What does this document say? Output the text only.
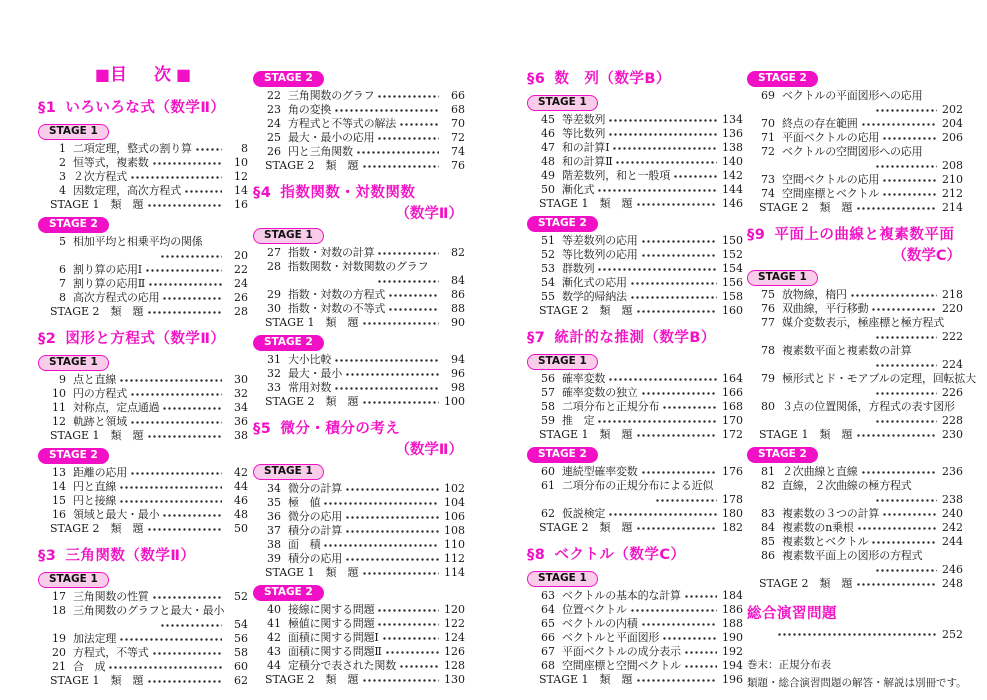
■目　次■
§1 いろいろな式（数学Ⅱ）
STAGE 1
1 二項定理，整式の割り算	8
2 恒等式，複素数	10
3 ２次方程式	12
4 因数定理，高次方程式	14
STAGE 1　類　題	16
STAGE 2
5 相加平均と相乗平均の関係
20
6 割り算の応用Ⅰ	22
7 割り算の応用Ⅱ	24
8 高次方程式の応用	26
STAGE 2　類　題	28
§2 図形と方程式（数学Ⅱ）
STAGE 1
9 点と直線	30
10 円の方程式	32
11 対称点，定点通過	34
12 軌跡と領域	36
STAGE 1　類　題	38
STAGE 2
13 距離の応用	42
14 円と直線	44
15 円と接線	46
16 領域と最大・最小	48
STAGE 2　類　題	50
§3 三角関数（数学Ⅱ）
STAGE 1
17 三角関数の性質	52
18 三角関数のグラフと最大・最小
54
19 加法定理	56
20 方程式，不等式	58
21 合　成	60
STAGE 1　類　題	62
STAGE 2
22 三角関数のグラフ	66
23 角の変換	68
24 方程式と不等式の解法	70
25 最大・最小の応用	72
26 円と三角関数	74
STAGE 2　類　題	76
§4 指数関数・対数関数
（数学Ⅱ）
STAGE 1
27 指数・対数の計算	82
28 指数関数・対数関数のグラフ
84
29 指数・対数の方程式	86
30 指数・対数の不等式	88
STAGE 1　類　題	90
STAGE 2
31 大小比較	94
32 最大・最小	96
33 常用対数	98
STAGE 2　類　題	100
§5 微分・積分の考え
（数学Ⅱ）
STAGE 1
34 微分の計算	102
35 極　値	104
36 微分の応用	106
37 積分の計算	108
38 面　積	110
39 積分の応用	112
STAGE 1　類　題	114
STAGE 2
40 接線に関する問題	120
41 極値に関する問題	122
42 面積に関する問題Ⅰ	124
43 面積に関する問題Ⅱ	126
44 定積分で表された関数	128
STAGE 2　類　題	130
§6 数　列（数学B）
STAGE 1
45 等差数列	134
46 等比数列	136
47 和の計算Ⅰ	138
48 和の計算Ⅱ	140
49 階差数列，和と一般項	142
50 漸化式	144
STAGE 1　類　題	146
STAGE 2
51 等差数列の応用	150
52 等比数列の応用	152
53 群数列	154
54 漸化式の応用	156
55 数学的帰納法	158
STAGE 2　類　題	160
§7 統計的な推測（数学B）
STAGE 1
56 確率変数	164
57 確率変数の独立	166
58 二項分布と正規分布	168
59 推　定	170
STAGE 1　類　題	172
STAGE 2
60 連続型確率変数	176
61 二項分布の正規分布による近似
178
62 仮説検定	180
STAGE 2　類　題	182
§8 ベクトル（数学C）
STAGE 1
63 ベクトルの基本的な計算	184
64 位置ベクトル	186
65 ベクトルの内積	188
66 ベクトルと平面図形	190
67 平面ベクトルの成分表示	192
68 空間座標と空間ベクトル	194
STAGE 1　類　題	196
STAGE 2
69 ベクトルの平面図形への応用
202
70 終点の存在範囲	204
71 平面ベクトルの応用	206
72 ベクトルの空間図形への応用
208
73 空間ベクトルの応用	210
74 空間座標とベクトル	212
STAGE 2　類　題	214
§9 平面上の曲線と複素数平面
（数学C）
STAGE 1
75 放物線，楕円	218
76 双曲線，平行移動	220
77 媒介変数表示，極座標と極方程式
222
78 複素数平面と複素数の計算
224
79 極形式とド・モアブルの定理，回転拡大
226
80 ３点の位置関係，方程式の表す図形
228
STAGE 1　類　題	230
STAGE 2
81 ２次曲線と直線	236
82 直線，２次曲線の極方程式
238
83 複素数の３つの計算	240
84 複素数のn乗根	242
85 複素数とベクトル	244
86 複素数平面上の図形の方程式
246
STAGE 2　類　題	248
総合演習問題
252
巻末：正規分布表
類題・総合演習問題の解答・解説は別冊です。
